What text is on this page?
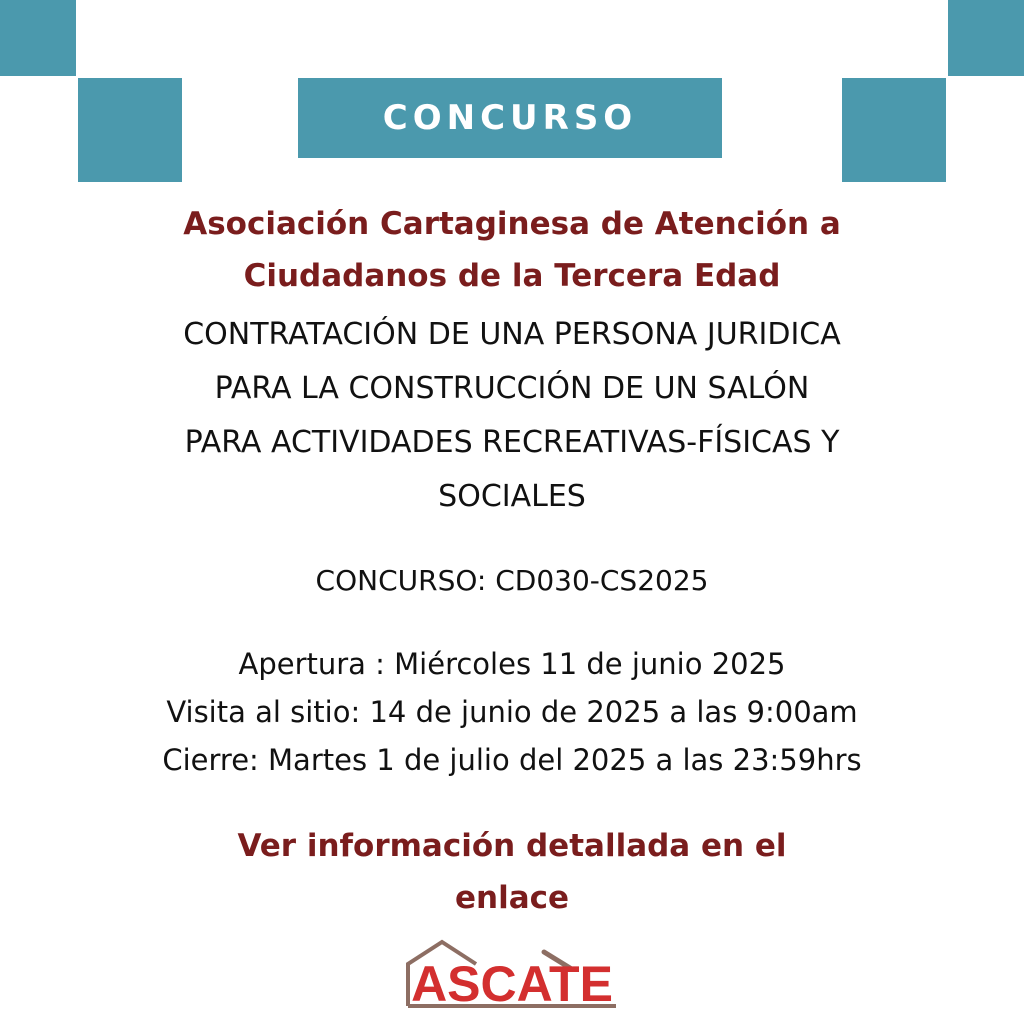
CONCURSO
Asociación Cartaginesa de Atención a
Ciudadanos de la Tercera Edad
CONTRATACIÓN DE UNA PERSONA JURIDICA
PARA LA CONSTRUCCIÓN DE UN SALÓN
PARA ACTIVIDADES RECREATIVAS-FÍSICAS Y
SOCIALES
CONCURSO: CD030-CS2025
Apertura : Miércoles 11 de junio 2025
Visita al sitio: 14 de junio de 2025 a las 9:00am
Cierre: Martes 1 de julio del 2025 a las 23:59hrs
Ver información detallada en el
enlace
ASCATE
